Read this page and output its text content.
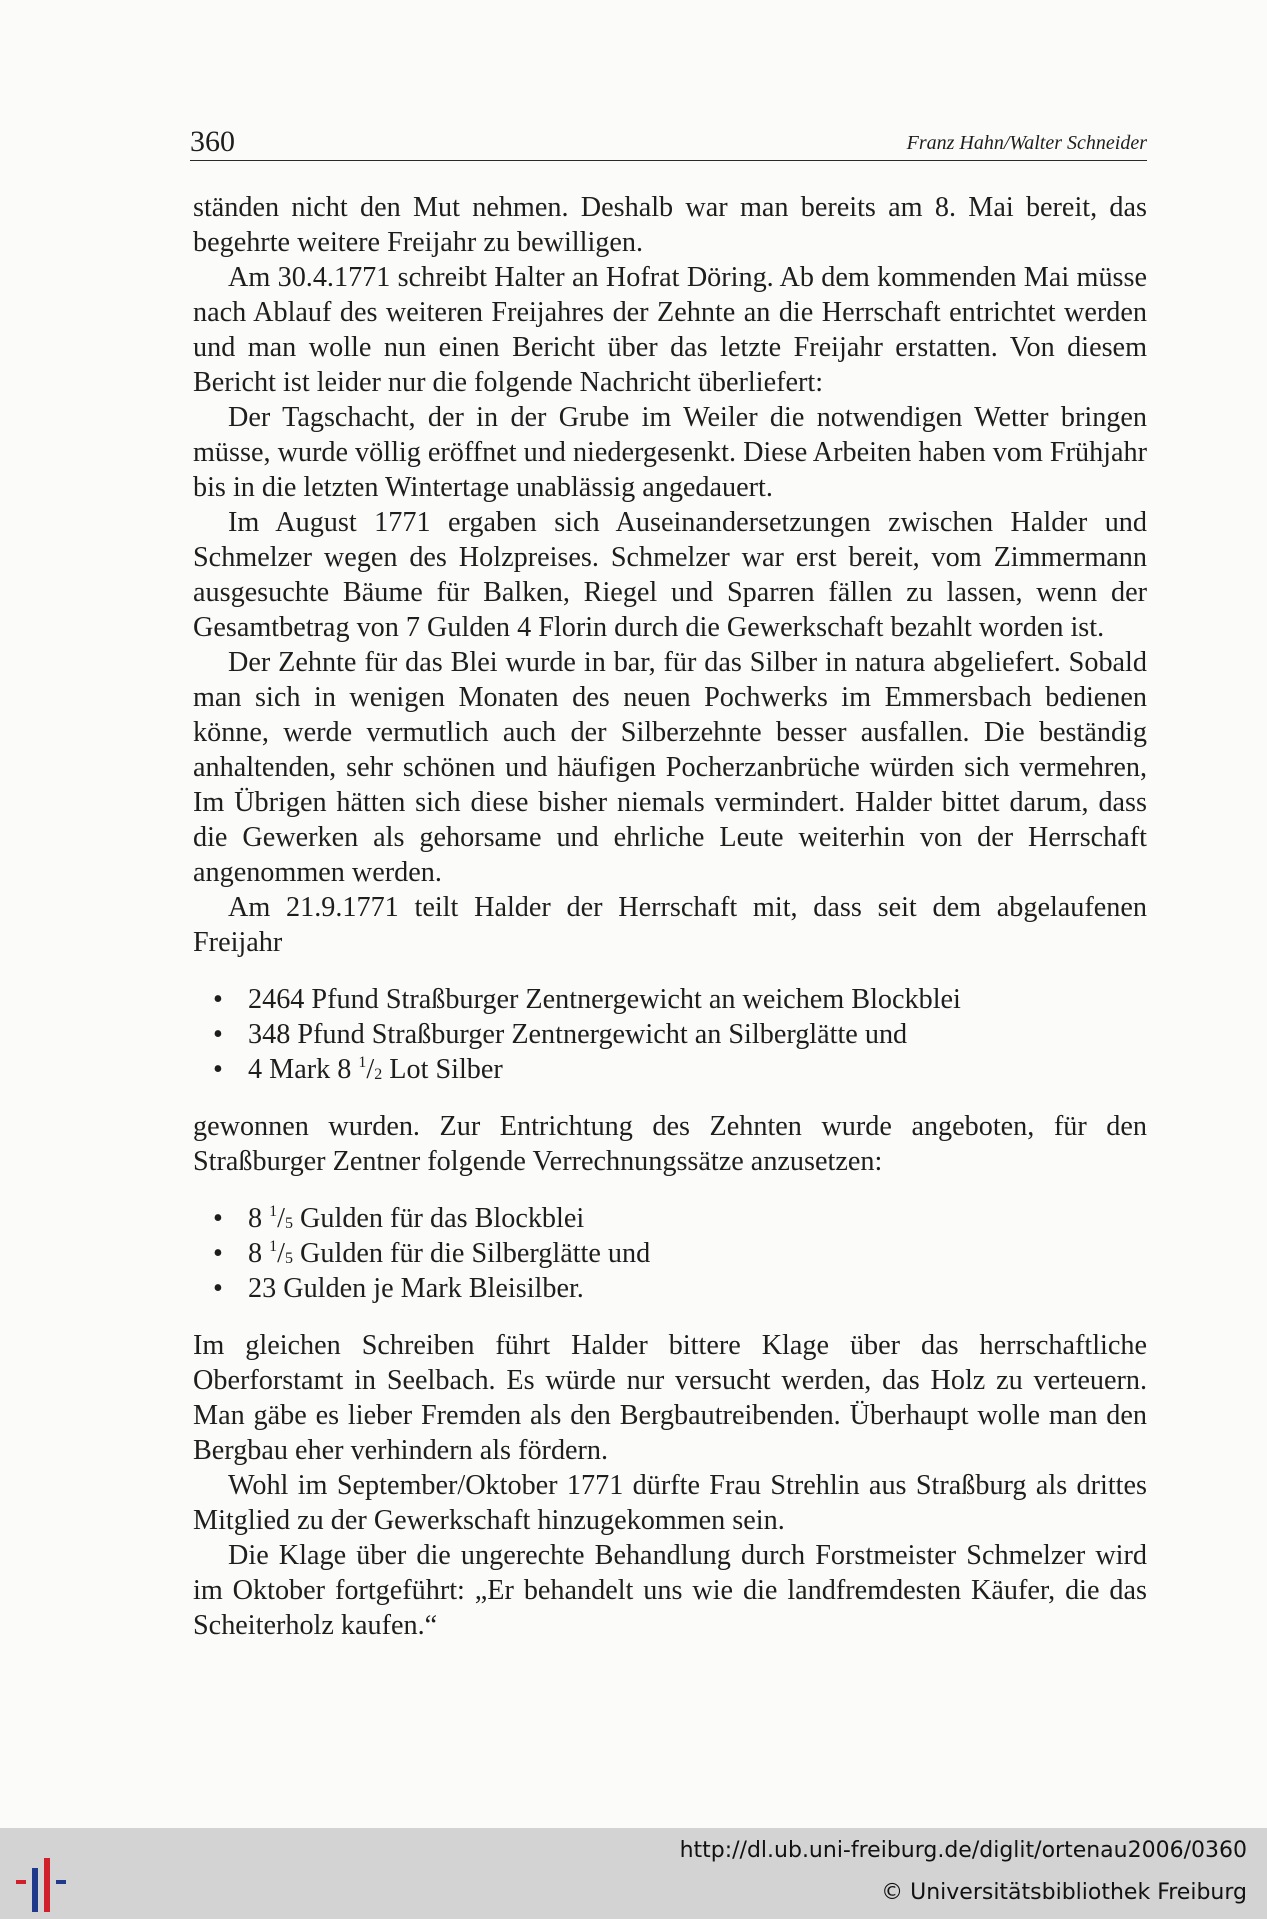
360	Franz Hahn/Walter Schneider

ständen nicht den Mut nehmen. Deshalb war man bereits am 8. Mai bereit, das begehrte weitere Freijahr zu bewilligen.

Am 30.4.1771 schreibt Halter an Hofrat Döring. Ab dem kommenden Mai müsse nach Ablauf des weiteren Freijahres der Zehnte an die Herrschaft entrichtet werden und man wolle nun einen Bericht über das letzte Freijahr erstatten. Von diesem Bericht ist leider nur die folgende Nachricht überliefert:

Der Tagschacht, der in der Grube im Weiler die notwendigen Wetter bringen müsse, wurde völlig eröffnet und niedergesenkt. Diese Arbeiten haben vom Frühjahr bis in die letzten Wintertage unablässig angedauert.

Im August 1771 ergaben sich Auseinandersetzungen zwischen Halder und Schmelzer wegen des Holzpreises. Schmelzer war erst bereit, vom Zimmermann ausgesuchte Bäume für Balken, Riegel und Sparren fällen zu lassen, wenn der Gesamtbetrag von 7 Gulden 4 Florin durch die Gewerkschaft bezahlt worden ist.

Der Zehnte für das Blei wurde in bar, für das Silber in natura abgeliefert. Sobald man sich in wenigen Monaten des neuen Pochwerks im Emmersbach bedienen könne, werde vermutlich auch der Silberzehnte besser ausfallen. Die beständig anhaltenden, sehr schönen und häufigen Pocherzanbrüche würden sich vermehren, Im Übrigen hätten sich diese bisher niemals vermindert. Halder bittet darum, dass die Gewerken als gehorsame und ehrliche Leute weiterhin von der Herrschaft angenommen werden.

Am 21.9.1771 teilt Halder der Herrschaft mit, dass seit dem abgelaufenen Freijahr

• 2464 Pfund Straßburger Zentnergewicht an weichem Blockblei
• 348 Pfund Straßburger Zentnergewicht an Silberglätte und
• 4 Mark 8 $^1/_2$ Lot Silber

gewonnen wurden. Zur Entrichtung des Zehnten wurde angeboten, für den Straßburger Zentner folgende Verrechnungssätze anzusetzen:

• 8 $^1/_5$ Gulden für das Blockblei
• 8 $^1/_5$ Gulden für die Silberglätte und
• 23 Gulden je Mark Bleisilber.

Im gleichen Schreiben führt Halder bittere Klage über das herrschaftliche Oberforstamt in Seelbach. Es würde nur versucht werden, das Holz zu verteuern. Man gäbe es lieber Fremden als den Bergbautreibenden. Überhaupt wolle man den Bergbau eher verhindern als fördern.

Wohl im September/Oktober 1771 dürfte Frau Strehlin aus Straßburg als drittes Mitglied zu der Gewerkschaft hinzugekommen sein.

Die Klage über die ungerechte Behandlung durch Forstmeister Schmelzer wird im Oktober fortgeführt: „Er behandelt uns wie die landfremdesten Käufer, die das Scheiterholz kaufen.“

http://dl.ub.uni-freiburg.de/diglit/ortenau2006/0360
© Universitätsbibliothek Freiburg
